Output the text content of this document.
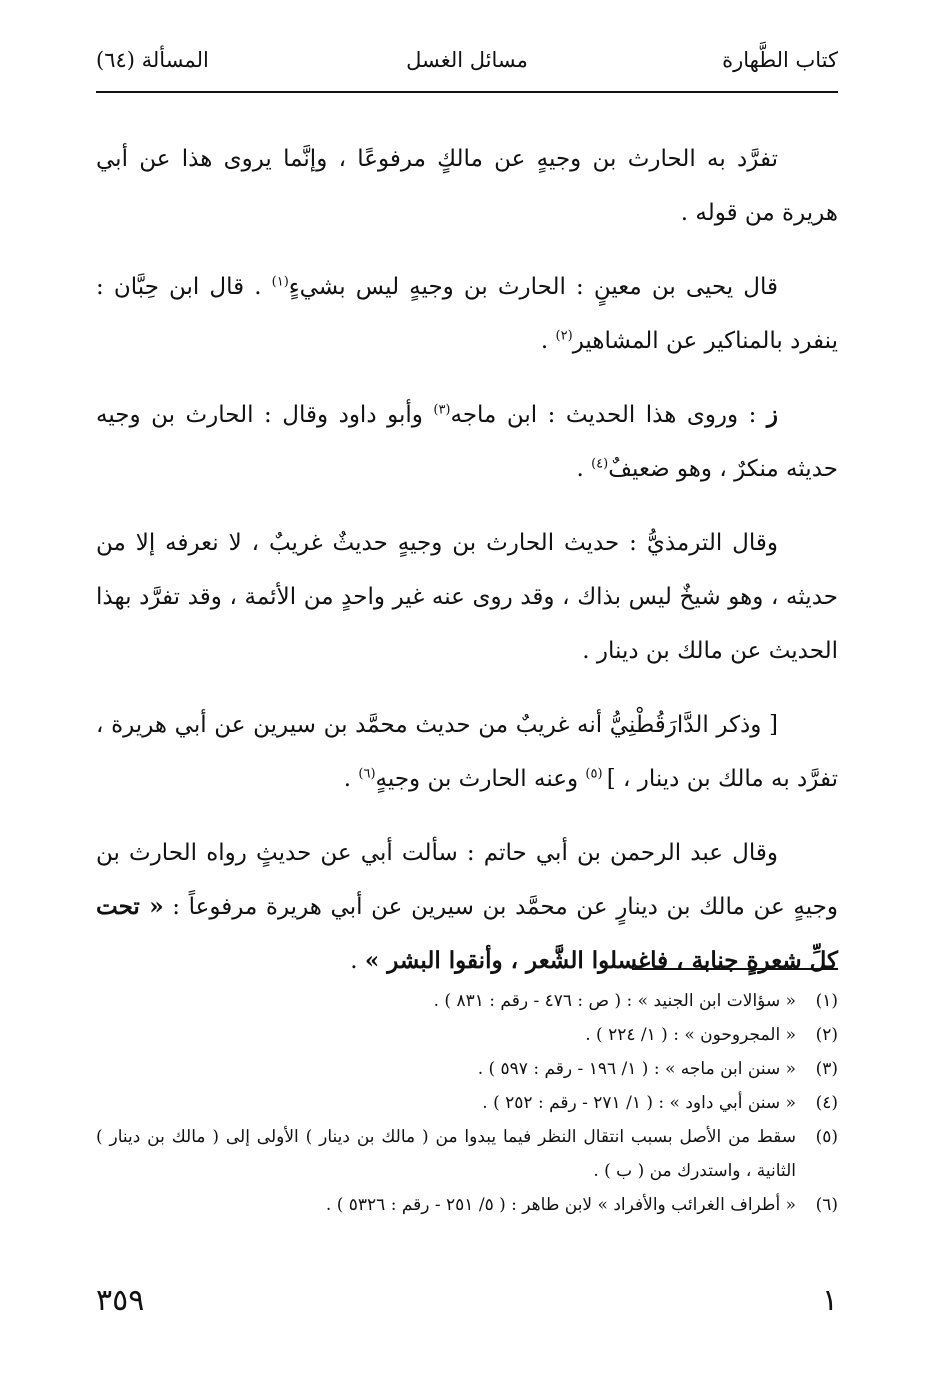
كتاب الطَّهارة
مسائل الغسل
المسألة (٦٤)

تفرَّد به الحارث بن وجيهٍ عن مالكٍ مرفوعًا ، وإنَّما يروى هذا عن أبي هريرة من قوله .

قال يحيى بن معينٍ : الحارث بن وجيهٍ ليس بشيءٍ$^{(١)}$ . قال ابن حِبَّان : ينفرد بالمناكير عن المشاهير$^{(٢)}$ .

ز : وروى هذا الحديث : ابن ماجه$^{(٣)}$ وأبو داود وقال : الحارث بن وجيه حديثه منكرٌ ، وهو ضعيفٌ$^{(٤)}$ .

وقال الترمذيُّ : حديث الحارث بن وجيهٍ حديثٌ غريبٌ ، لا نعرفه إلا من حديثه ، وهو شيخٌ ليس بذاك ، وقد روى عنه غير واحدٍ من الأئمة ، وقد تفرَّد بهذا الحديث عن مالك بن دينار .

[ وذكر الدَّارَقُطْنِيُّ أنه غريبٌ من حديث محمَّد بن سيرين عن أبي هريرة ، تفرَّد به مالك بن دينار ، ] $^{(٥)}$ وعنه الحارث بن وجيهٍ$^{(٦)}$ .

وقال عبد الرحمن بن أبي حاتم : سألت أبي عن حديثٍ رواه الحارث بن وجيهٍ عن مالك بن دينارٍ عن محمَّد بن سيرين عن أبي هريرة مرفوعاً : « تحت كلِّ شعرةٍ جنابة ، فاغسلوا الشَّعر ، وأنقوا البشر » .

(١)
« سؤالات ابن الجنيد » : ( ص : ٤٧٦ - رقم : ٨٣١ ) .
(٢)
« المجروحون » : ( ١/ ٢٢٤ ) .
(٣)
« سنن ابن ماجه » : ( ١/ ١٩٦ - رقم : ٥٩٧ ) .
(٤)
« سنن أبي داود » : ( ١/ ٢٧١ - رقم : ٢٥٢ ) .
(٥)
سقط من الأصل بسبب انتقال النظر فيما يبدوا من ( مالك بن دينار ) الأولى إلى ( مالك بن دينار ) الثانية ، واستدرك من ( ب ) .
(٦)
« أطراف الغرائب والأفراد » لابن طاهر : ( ٥/ ٢٥١ - رقم : ٥٣٢٦ ) .
١
٣٥٩
